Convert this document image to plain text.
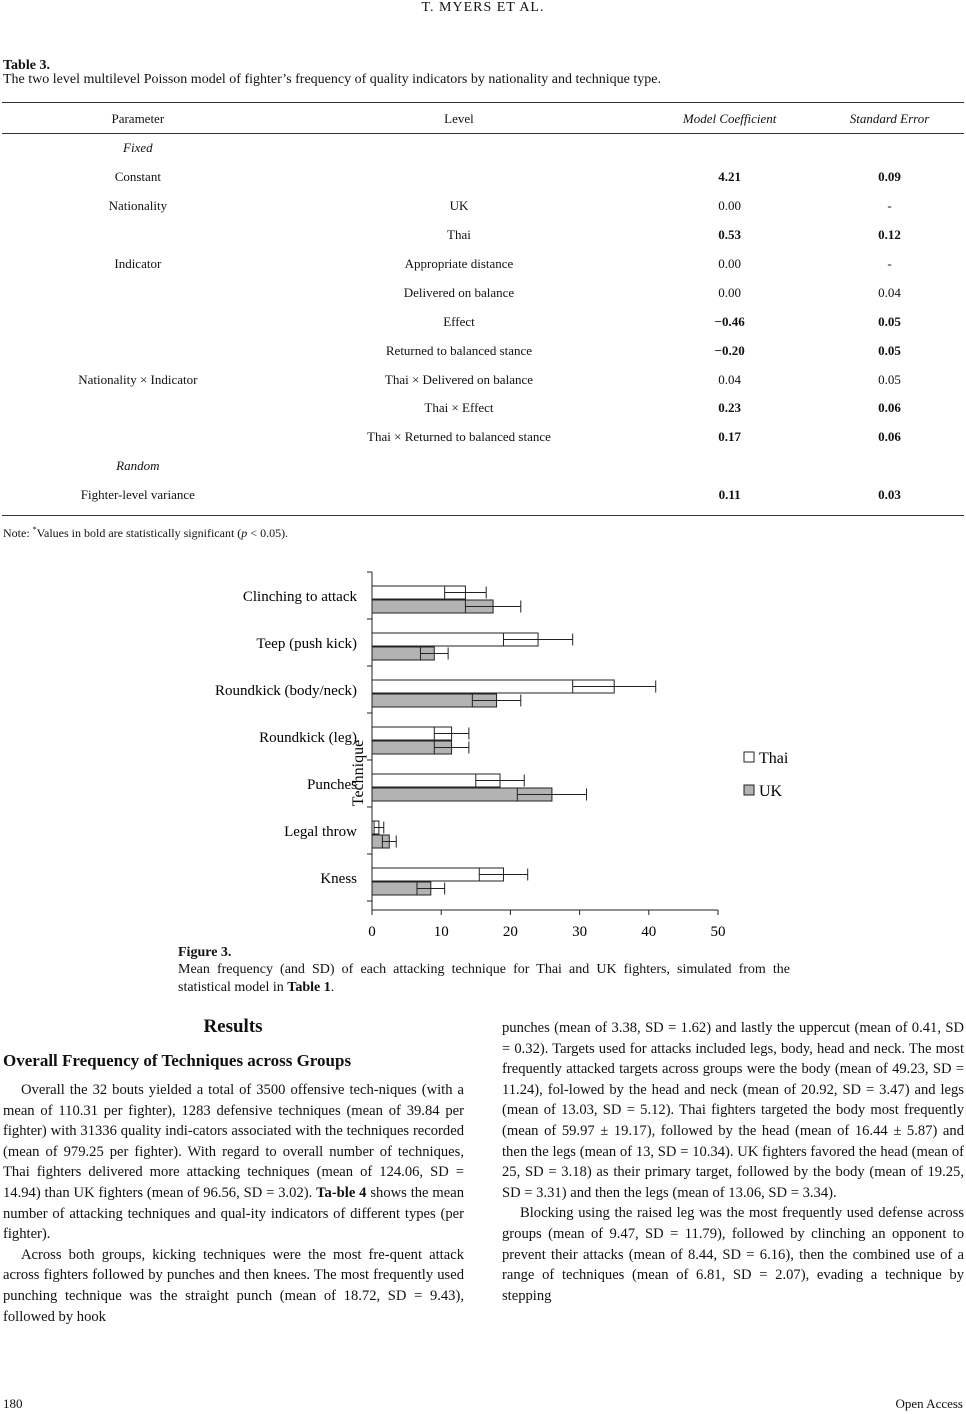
T. MYERS ET AL.
Table 3.
The two level multilevel Poisson model of fighter’s frequency of quality indicators by nationality and technique type.
Parameter	Level	Model Coefficient	Standard Error
Fixed			
Constant		4.21	0.09
Nationality	UK	0.00	-
	Thai	0.53	0.12
Indicator	Appropriate distance	0.00	-
	Delivered on balance	0.00	0.04
	Effect	−0.46	0.05
	Returned to balanced stance	−0.20	0.05
Nationality × Indicator	Thai × Delivered on balance	0.04	0.05
	Thai × Effect	0.23	0.06
	Thai × Returned to balanced stance	0.17	0.06
Random			
Fighter-level variance		0.11	0.03
Note: *Values in bold are statistically significant (p < 0.05).
Technique
0	10	20	30	40	50
Clinching to attack
Teep (push kick)
Roundkick (body/neck)
Roundkick (leg)
Punches
Legal throw
Kness
Thai
UK
Figure 3.
Mean frequency (and SD) of each attacking technique for Thai and UK fighters, simulated from the statistical model in Table 1.
Results
Overall Frequency of Techniques across Groups

Overall the 32 bouts yielded a total of 3500 offensive tech-niques (with a mean of 110.31 per fighter), 1283 defensive techniques (mean of 39.84 per fighter) with 31336 quality indi-cators associated with the techniques recorded (mean of 979.25 per fighter). With regard to overall number of techniques, Thai fighters delivered more attacking techniques (mean of 124.06, SD = 14.94) than UK fighters (mean of 96.56, SD = 3.02). Ta-ble 4 shows the mean number of attacking techniques and qual-ity indicators of different types (per fighter).

Across both groups, kicking techniques were the most fre-quent attack across fighters followed by punches and then knees. The most frequently used punching technique was the straight punch (mean of 18.72, SD = 9.43), followed by hook

punches (mean of 3.38, SD = 1.62) and lastly the uppercut (mean of 0.41, SD = 0.32). Targets used for attacks included legs, body, head and neck. The most frequently attacked targets across groups were the body (mean of 49.23, SD = 11.24), fol-lowed by the head and neck (mean of 20.92, SD = 3.47) and legs (mean of 13.03, SD = 5.12). Thai fighters targeted the body most frequently (mean of 59.97 ± 19.17), followed by the head (mean of 16.44 ± 5.87) and then the legs (mean of 13, SD = 10.34). UK fighters favored the head (mean of 25, SD = 3.18) as their primary target, followed by the body (mean of 19.25, SD = 3.31) and then the legs (mean of 13.06, SD = 3.34).

Blocking using the raised leg was the most frequently used defense across groups (mean of 9.47, SD = 11.79), followed by clinching an opponent to prevent their attacks (mean of 8.44, SD = 6.16), then the combined use of a range of techniques (mean of 6.81, SD = 2.07), evading a technique by stepping

180	Open Access
